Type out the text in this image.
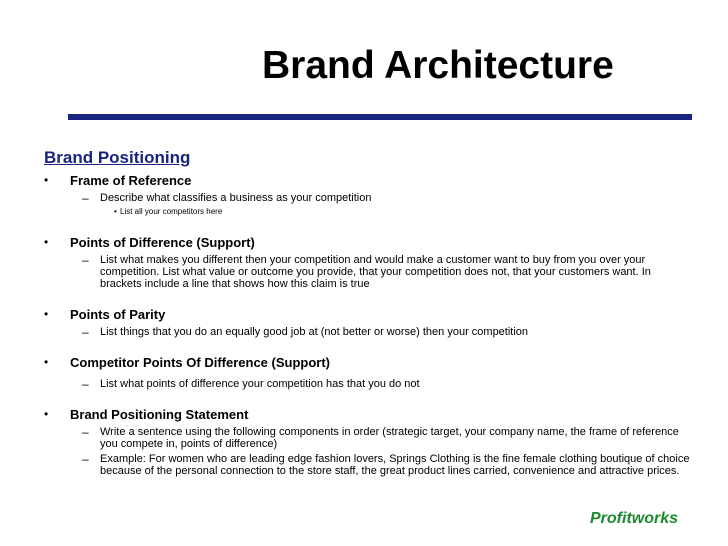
Brand Architecture
Brand Positioning
• Frame of Reference
– Describe what classifies a business as your competition
• List all your competitors here
• Points of Difference (Support)
– List what makes you different then your competition and would make a customer want to buy from you over your competition. List what value or outcome you provide, that your competition does not, that your customers want. In brackets include a line that shows how this claim is true
• Points of Parity
– List things that you do an equally good job at (not better or worse) then your competition
• Competitor Points Of Difference (Support)
– List what points of difference your competition has that you do not
• Brand Positioning Statement
– Write a sentence using the following components in order (strategic target, your company name, the frame of reference you compete in, points of difference)
– Example: For women who are leading edge fashion lovers, Springs Clothing is the fine female clothing boutique of choice because of the personal connection to the store staff, the great product lines carried, convenience and attractive prices.
Profitworks
